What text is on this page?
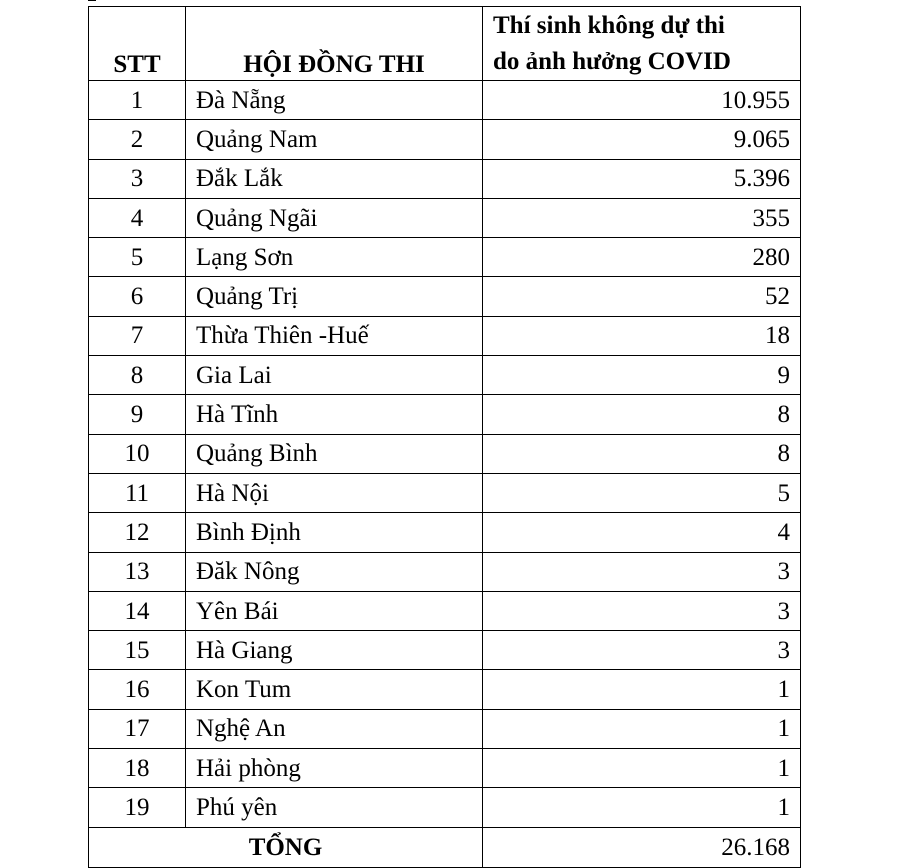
STT	HỘI ĐỒNG THI	Thí sinh không dự thi
do ảnh hưởng COVID
1	Đà Nẵng	10.955
2	Quảng Nam	9.065
3	Đắk Lắk	5.396
4	Quảng Ngãi	355
5	Lạng Sơn	280
6	Quảng Trị	52
7	Thừa Thiên -Huế	18
8	Gia Lai	9
9	Hà Tĩnh	8
10	Quảng Bình	8
11	Hà Nội	5
12	Bình Định	4
13	Đăk Nông	3
14	Yên Bái	3
15	Hà Giang	3
16	Kon Tum	1
17	Nghệ An	1
18	Hải phòng	1
19	Phú yên	1
TỔNG		26.168
